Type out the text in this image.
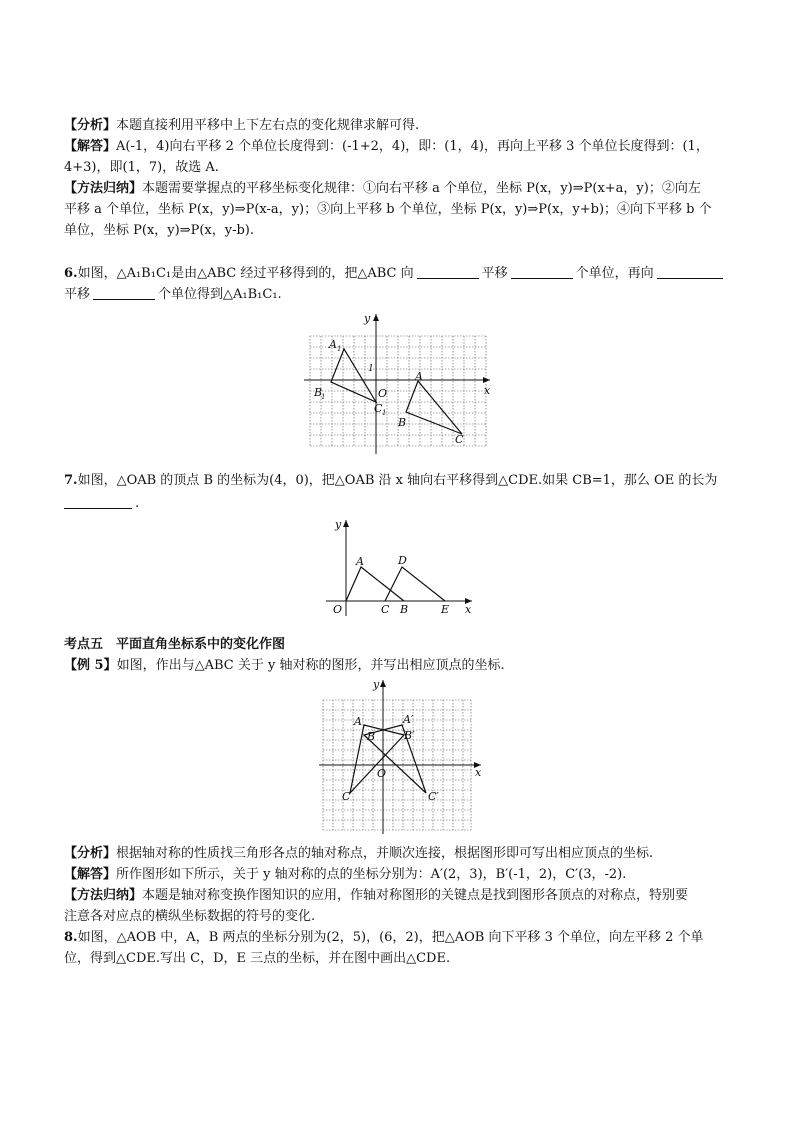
【分析】本题直接利用平移中上下左右点的变化规律求解可得.
【解答】A(-1，4)向右平移 2 个单位长度得到：(-1+2，4)，即：(1，4)，再向上平移 3 个单位长度得到：(1，
4+3)，即(1，7)，故选 A.
【方法归纳】本题需要掌握点的平移坐标变化规律：①向右平移 a 个单位，坐标 P(x，y)⇒P(x+a，y)；②向左
平移 a 个单位，坐标 P(x，y)⇒P(x-a，y)；③向上平移 b 个单位，坐标 P(x，y)⇒P(x，y+b)；④向下平移 b 个
单位，坐标 P(x，y)⇒P(x，y-b).
6.如图，△A₁B₁C₁是由△ABC 经过平移得到的，把△ABC 向	平移	个单位，再向
平移	个单位得到△A₁B₁C₁.
x
y
A 1
B
1
C 1
O
1
A
B
C
7.如图，△OAB 的顶点 B 的坐标为(4，0)，把△OAB 沿 x 轴向右平移得到△CDE.如果 CB=1，那么 OE 的长为
.
x
y
O
A	D
C B	E
考点五　平面直角坐标系中的变化作图
【例 5】如图，作出与△ABC 关于 y 轴对称的图形，并写出相应顶点的坐标.
x
y
O
A
B
C
A′
B′
C′
【分析】根据轴对称的性质找三角形各点的轴对称点，并顺次连接，根据图形即可写出相应顶点的坐标.
【解答】所作图形如下所示，关于 y 轴对称的点的坐标分别为：A′(2，3)，B′(-1，2)，C′(3，-2).
【方法归纳】本题是轴对称变换作图知识的应用，作轴对称图形的关键点是找到图形各顶点的对称点，特别要
注意各对应点的横纵坐标数据的符号的变化.
8.如图，△AOB 中，A，B 两点的坐标分别为(2，5)，(6，2)，把△AOB 向下平移 3 个单位，向左平移 2 个单
位，得到△CDE.写出 C，D，E 三点的坐标，并在图中画出△CDE.
